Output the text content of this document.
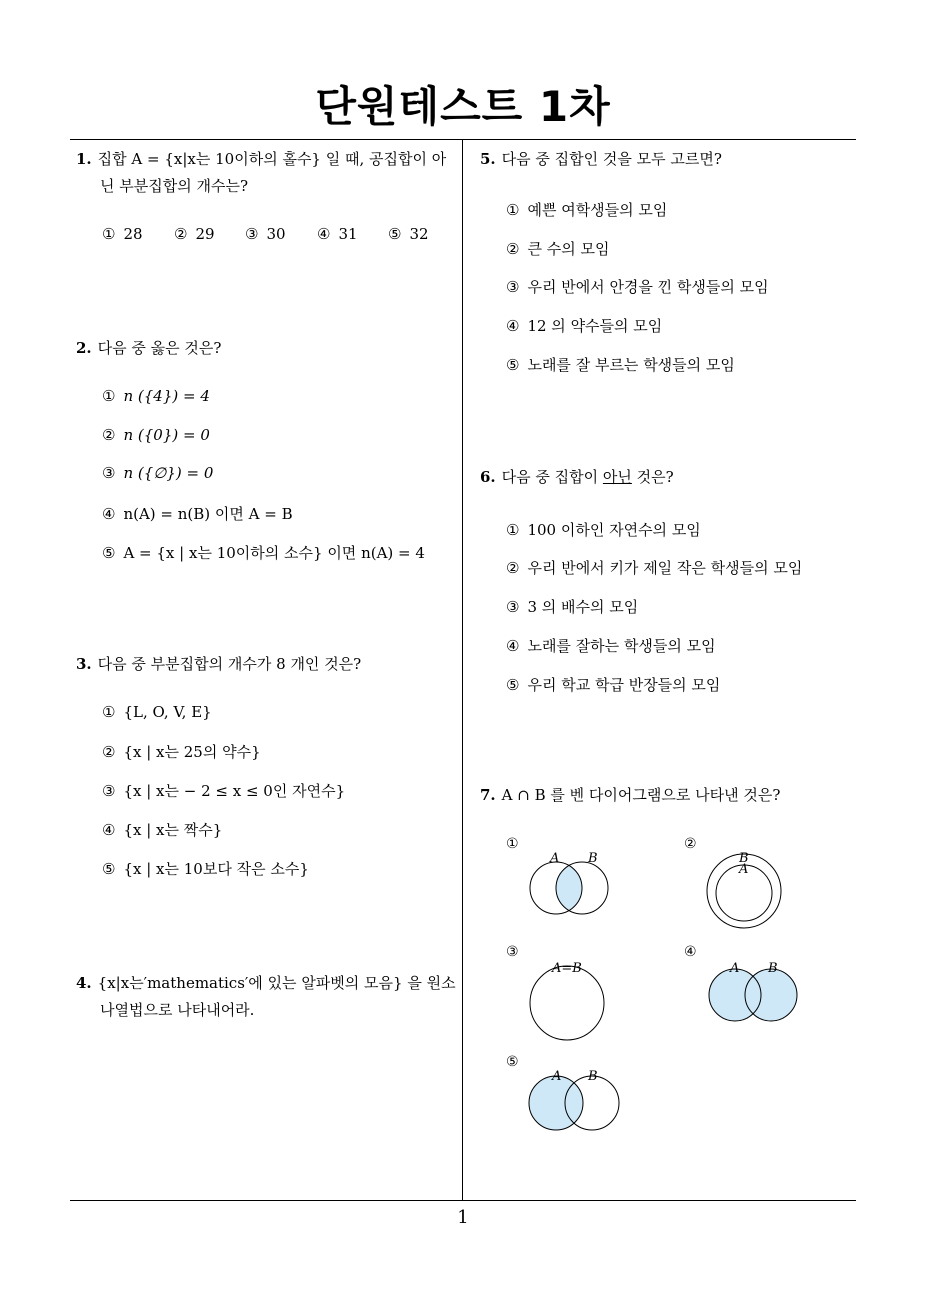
단원테스트 1차
1
1. 집합 A = {x|x는 10이하의 홀수} 일 때, 공집합이 아
닌 부분집합의 개수는?
① 28 ② 29 ③ 30 ④ 31 ⑤ 32
2. 다음 중 옳은 것은?
① n ({4}) = 4
② n ({0}) = 0
③ n ({∅}) = 0
④ n(A) = n(B) 이면 A = B
⑤ A = {x | x는 10이하의 소수} 이면 n(A) = 4
3. 다음 중 부분집합의 개수가 8 개인 것은?
① {L, O, V, E}
② {x | x는 25의 약수}
③ {x | x는 − 2 ≤ x ≤ 0인 자연수}
④ {x | x는 짝수}
⑤ {x | x는 10보다 작은 소수}
4. {x|x는′mathematics′에 있는 알파벳의 모음} 을 원소
나열법으로 나타내어라.
5. 다음 중 집합인 것을 모두 고르면?
① 예쁜 여학생들의 모임
② 큰 수의 모임
③ 우리 반에서 안경을 낀 학생들의 모임
④ 12 의 약수들의 모임
⑤ 노래를 잘 부르는 학생들의 모임
6. 다음 중 집합이 아닌 것은?
① 100 이하인 자연수의 모임
② 우리 반에서 키가 제일 작은 학생들의 모임
③ 3 의 배수의 모임
④ 노래를 잘하는 학생들의 모임
⑤ 우리 학교 학급 반장들의 모임
7. A ∩ B 를 벤 다이어그램으로 나타낸 것은?
①	②
③	④
⑤
A B	B
A
A=B	A B
A B
